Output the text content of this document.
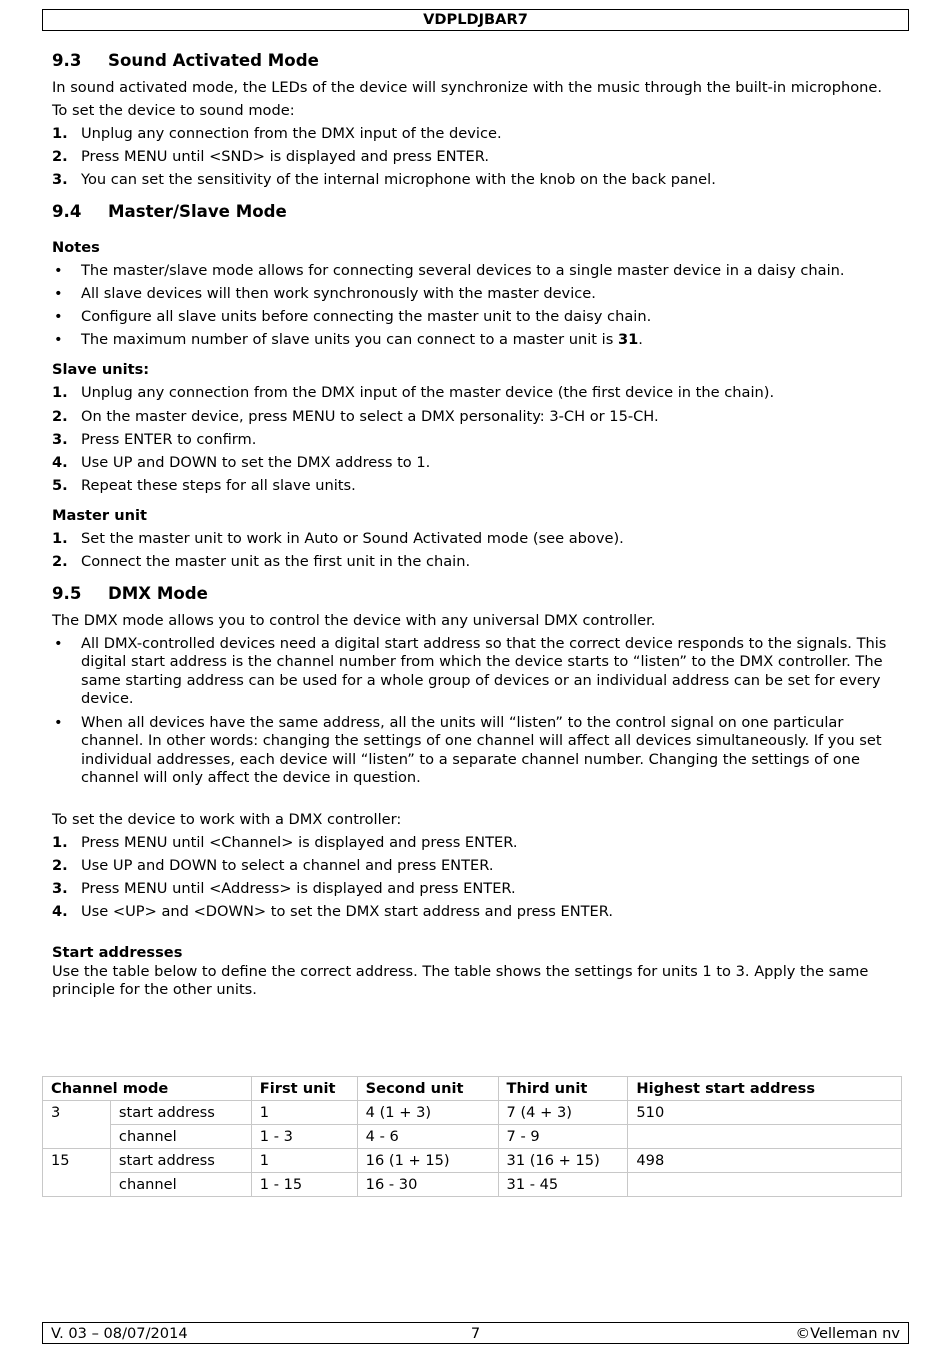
VDPLDJBAR7
9.3 Sound Activated Mode

In sound activated mode, the LEDs of the device will synchronize with the music through the built-in microphone.

To set the device to sound mode:

1. Unplug any connection from the DMX input of the device.
2. Press MENU until <SND> is displayed and press ENTER.
3. You can set the sensitivity of the internal microphone with the knob on the back panel.
9.4 Master/Slave Mode
Notes
• The master/slave mode allows for connecting several devices to a single master device in a daisy chain.
• All slave devices will then work synchronously with the master device.
• Configure all slave units before connecting the master unit to the daisy chain.
• The maximum number of slave units you can connect to a master unit is 31.
Slave units:
1. Unplug any connection from the DMX input of the master device (the first device in the chain).
2. On the master device, press MENU to select a DMX personality: 3-CH or 15-CH.
3. Press ENTER to confirm.
4. Use UP and DOWN to set the DMX address to 1.
5. Repeat these steps for all slave units.
Master unit
1. Set the master unit to work in Auto or Sound Activated mode (see above).
2. Connect the master unit as the first unit in the chain.
9.5 DMX Mode

The DMX mode allows you to control the device with any universal DMX controller.

• All DMX-controlled devices need a digital start address so that the correct device responds to the signals. This digital start address is the channel number from which the device starts to “listen” to the DMX controller. The same starting address can be used for a whole group of devices or an individual address can be set for every device.
• When all devices have the same address, all the units will “listen” to the control signal on one particular channel. In other words: changing the settings of one channel will affect all devices simultaneously. If you set individual addresses, each device will “listen” to a separate channel number. Changing the settings of one channel will only affect the device in question.

To set the device to work with a DMX controller:

1. Press MENU until <Channel> is displayed and press ENTER.
2. Use UP and DOWN to select a channel and press ENTER.
3. Press MENU until <Address> is displayed and press ENTER.
4. Use <UP> and <DOWN> to set the DMX start address and press ENTER.
Start addresses

Use the table below to define the correct address. The table shows the settings for units 1 to 3. Apply the same principle for the other units.

Channel mode		First unit	Second unit	Third unit	Highest start address
3	start address	1	4 (1 + 3)	7 (4 + 3)	510
	channel	1 - 3	4 - 6	7 - 9	
15	start address	1	16 (1 + 15)	31 (16 + 15)	498
	channel	1 - 15	16 - 30	31 - 45	
V. 03 – 08/07/2014	7	©Velleman nv
